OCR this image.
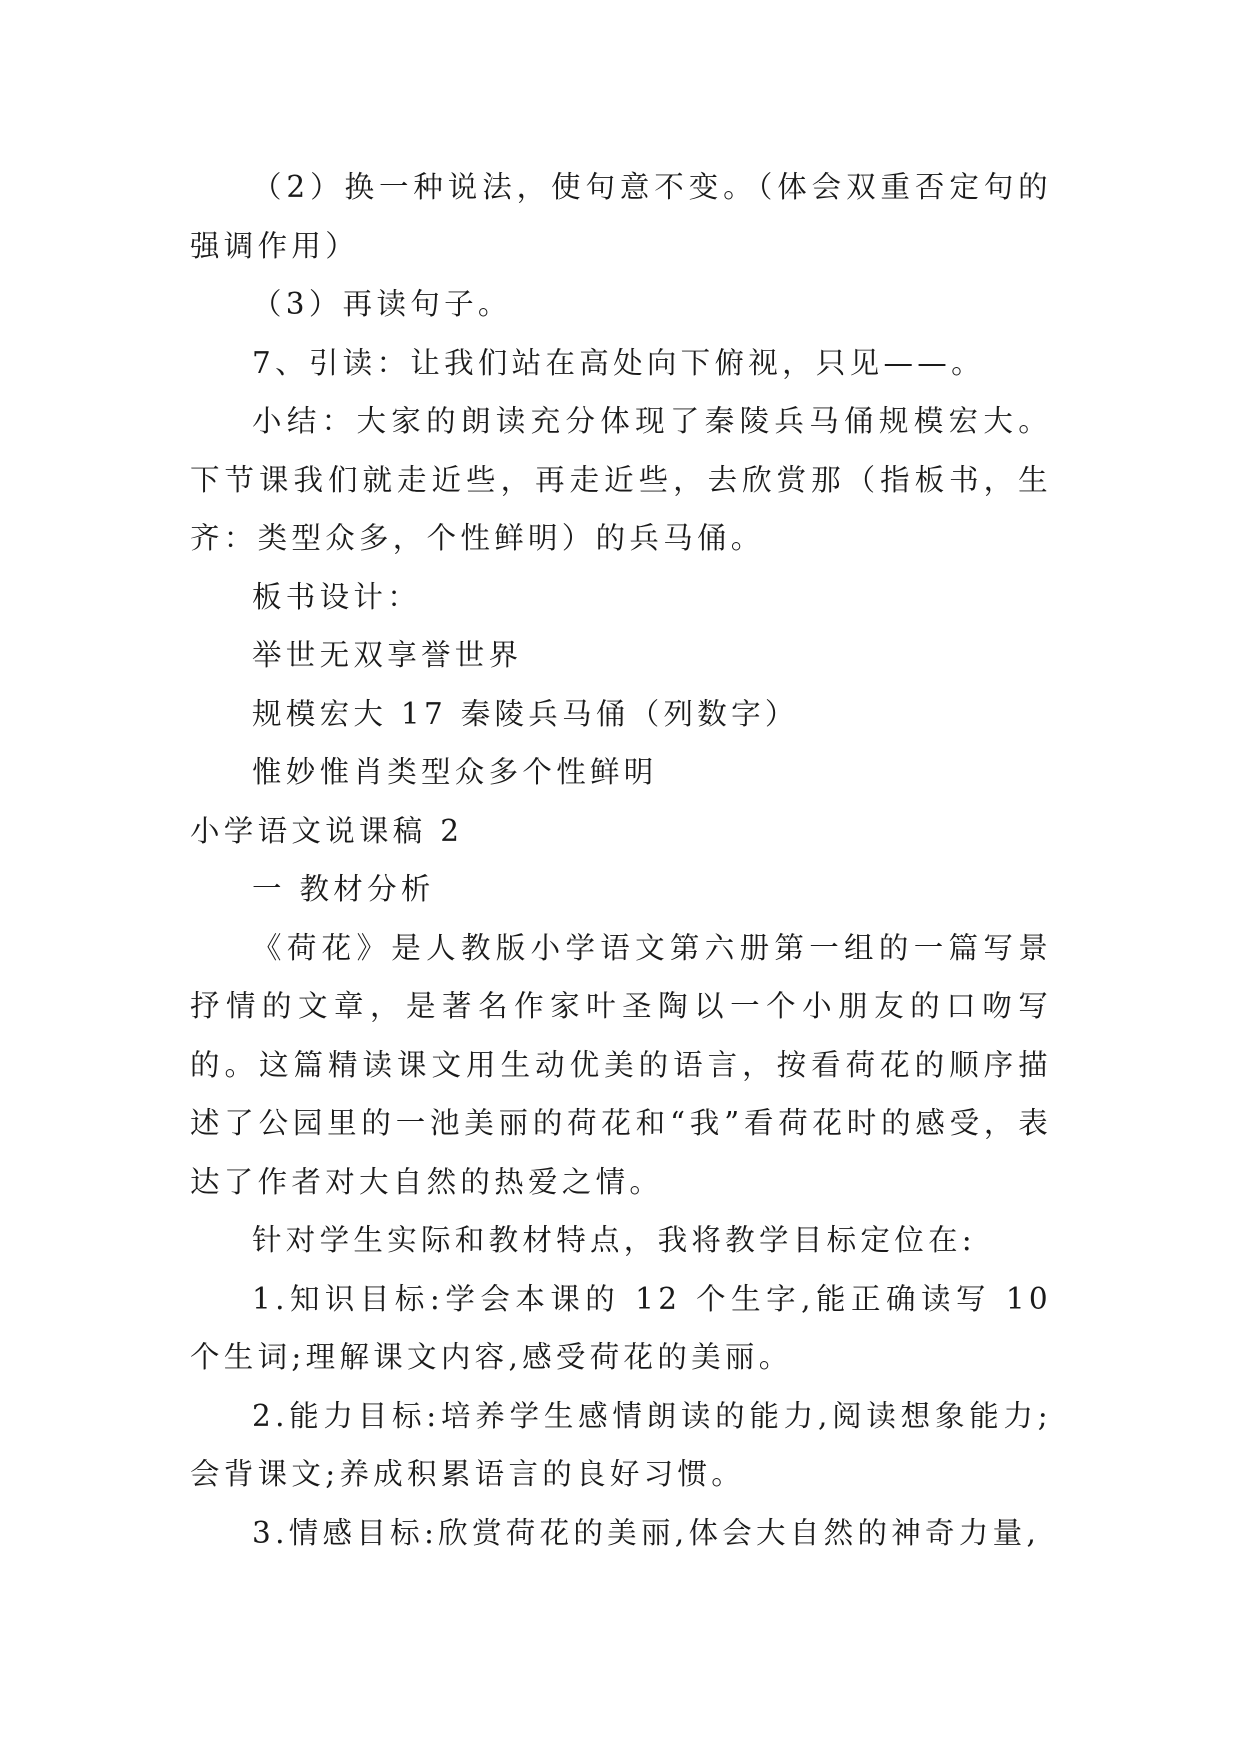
（2）换一种说法，使句意不变。（体会双重否定句的强调作用）

（3）再读句子。

7、引读：让我们站在高处向下俯视，只见——。

小结：大家的朗读充分体现了秦陵兵马俑规模宏大。下节课我们就走近些，再走近些，去欣赏那（指板书，生齐：类型众多，个性鲜明）的兵马俑。

板书设计：

举世无双享誉世界

规模宏大 17 秦陵兵马俑（列数字）

惟妙惟肖类型众多个性鲜明

小学语文说课稿 2

一 教材分析

《荷花》是人教版小学语文第六册第一组的一篇写景抒情的文章，是著名作家叶圣陶以一个小朋友的口吻写的。这篇精读课文用生动优美的语言，按看荷花的顺序描述了公园里的一池美丽的荷花和“我”看荷花时的感受，表达了作者对大自然的热爱之情。

针对学生实际和教材特点，我将教学目标定位在:

1.知识目标:学会本课的 12 个生字,能正确读写 10 个生词;理解课文内容,感受荷花的美丽。

2.能力目标:培养学生感情朗读的能力,阅读想象能力;会背课文;养成积累语言的良好习惯。

3.情感目标:欣赏荷花的美丽,体会大自然的神奇力量,
